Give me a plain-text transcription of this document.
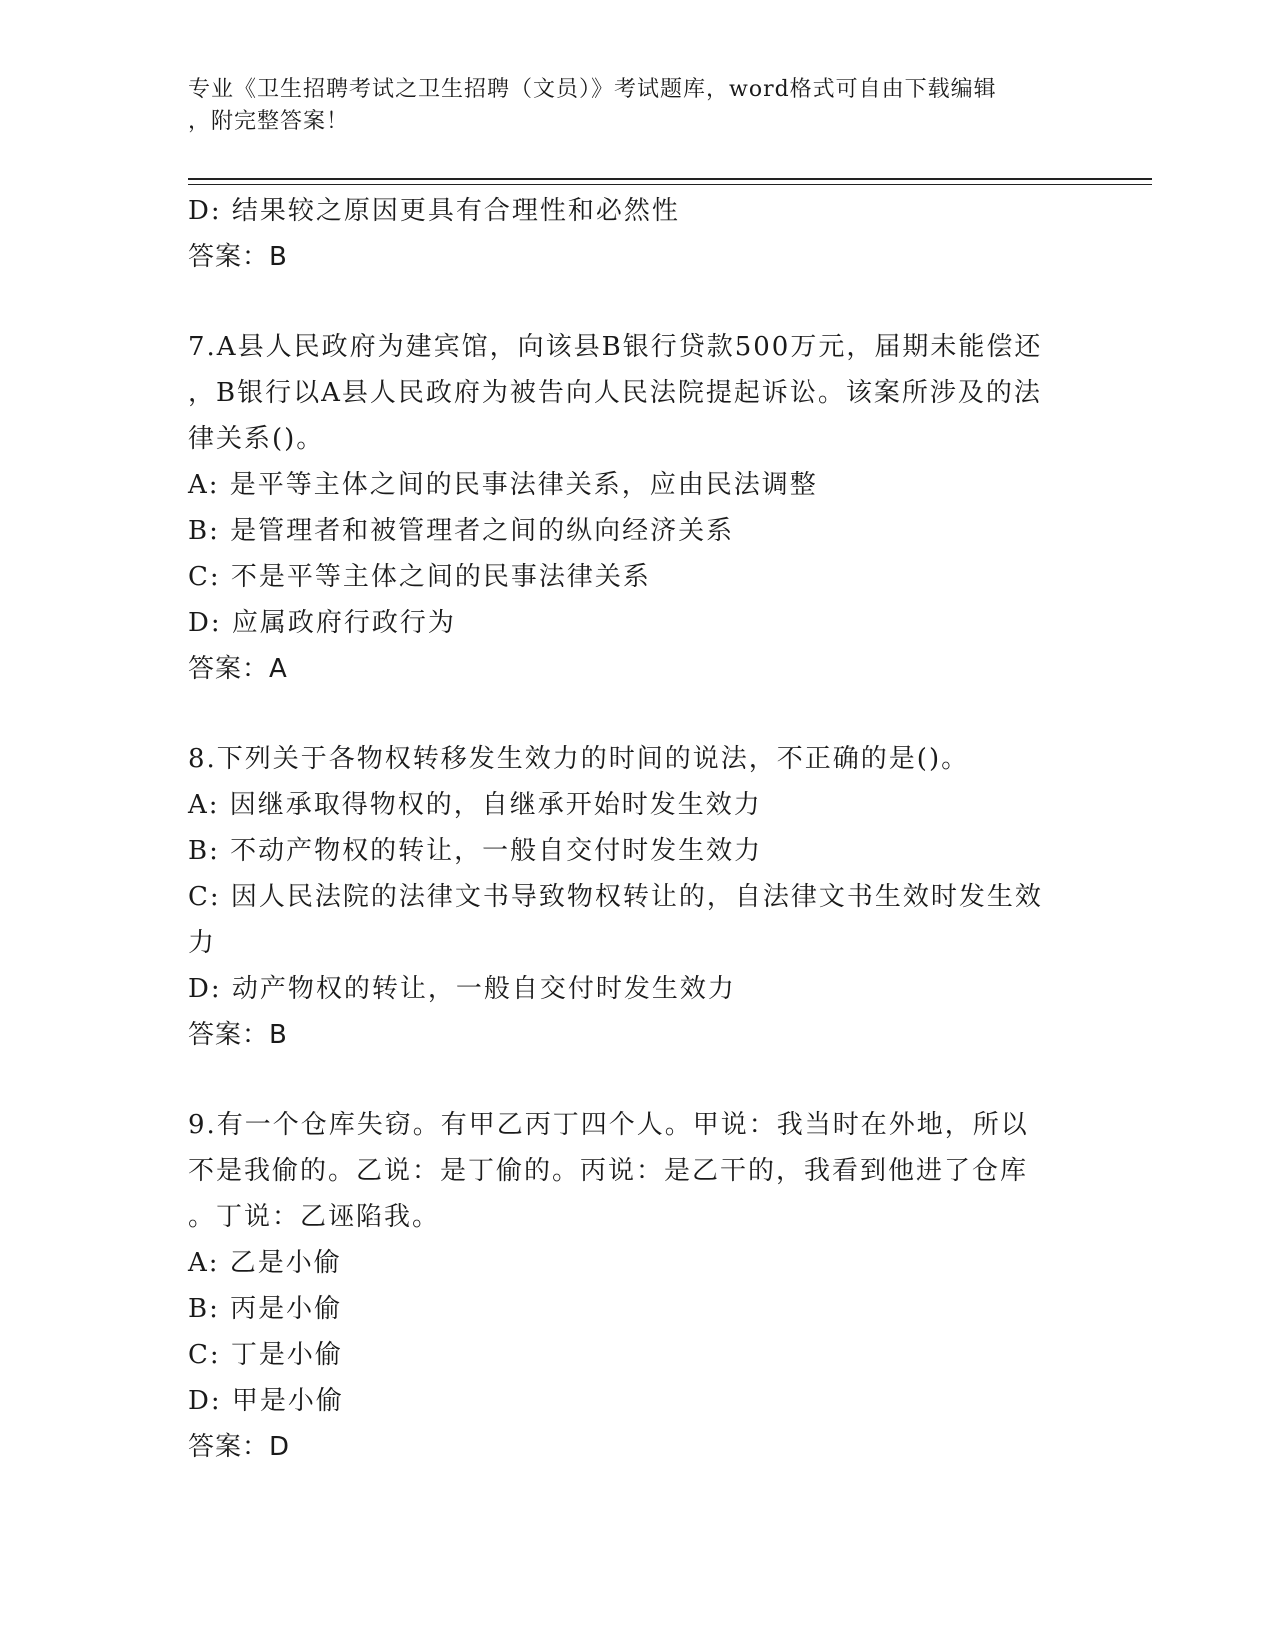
专业《卫生招聘考试之卫生招聘（文员）》考试题库，word格式可自由下载编辑
，附完整答案！
D: 结果较之原因更具有合理性和必然性
答案：B
7.A县人民政府为建宾馆，向该县B银行贷款500万元，届期未能偿还
，B银行以A县人民政府为被告向人民法院提起诉讼。该案所涉及的法
律关系()。
A: 是平等主体之间的民事法律关系，应由民法调整
B: 是管理者和被管理者之间的纵向经济关系
C: 不是平等主体之间的民事法律关系
D: 应属政府行政行为
答案：A
8.下列关于各物权转移发生效力的时间的说法，不正确的是()。
A: 因继承取得物权的，自继承开始时发生效力
B: 不动产物权的转让，一般自交付时发生效力
C: 因人民法院的法律文书导致物权转让的，自法律文书生效时发生效
力
D: 动产物权的转让，一般自交付时发生效力
答案：B
9.有一个仓库失窃。有甲乙丙丁四个人。甲说：我当时在外地，所以
不是我偷的。乙说：是丁偷的。丙说：是乙干的，我看到他进了仓库
。丁说：乙诬陷我。
A: 乙是小偷
B: 丙是小偷
C: 丁是小偷
D: 甲是小偷
答案：D
